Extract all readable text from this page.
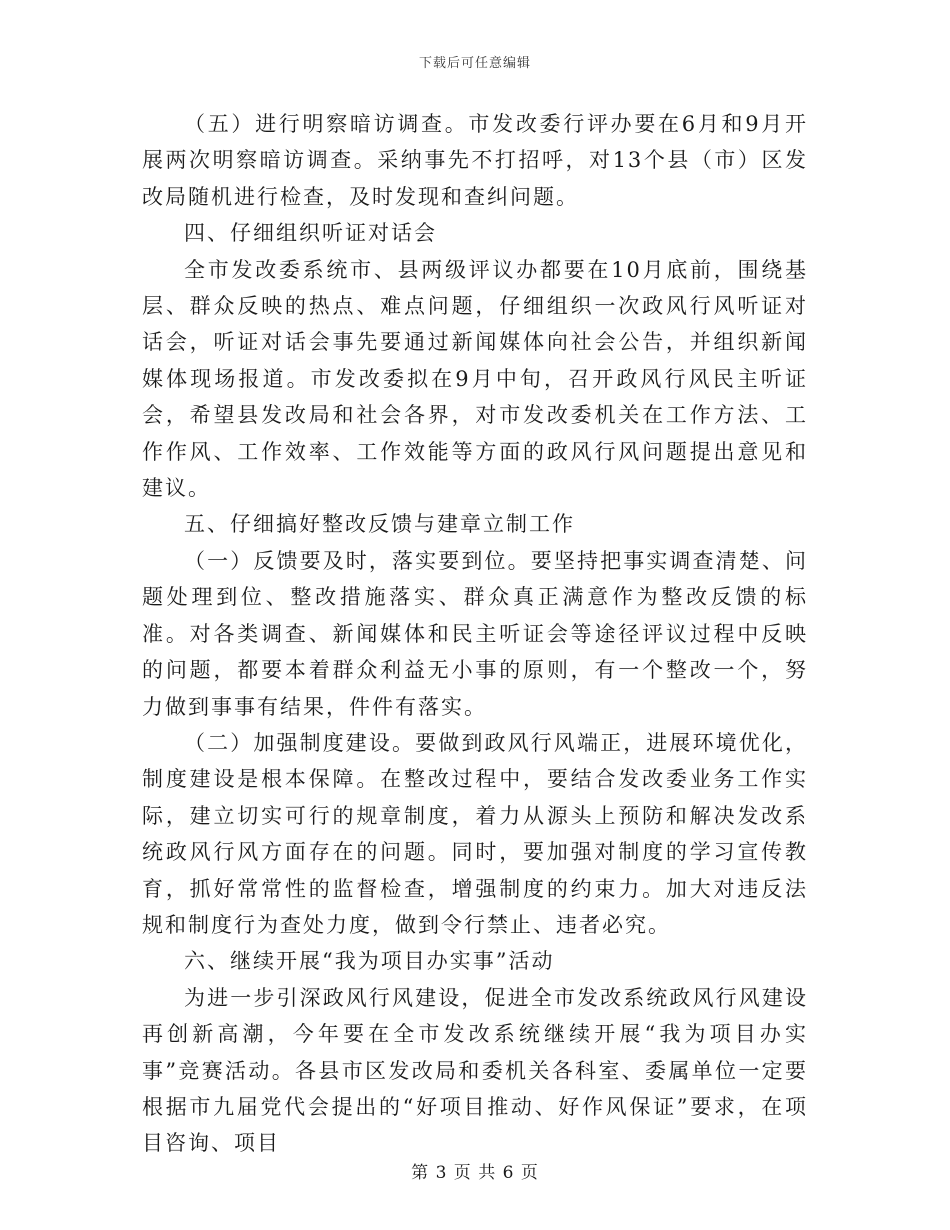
下载后可任意编辑

（五）进行明察暗访调查。市发改委行评办要在6月和9月开展两次明察暗访调查。采纳事先不打招呼，对13个县（市）区发改局随机进行检查，及时发现和查纠问题。

四、仔细组织听证对话会

全市发改委系统市、县两级评议办都要在10月底前，围绕基层、群众反映的热点、难点问题，仔细组织一次政风行风听证对话会，听证对话会事先要通过新闻媒体向社会公告，并组织新闻媒体现场报道。市发改委拟在9月中旬，召开政风行风民主听证会，希望县发改局和社会各界，对市发改委机关在工作方法、工作作风、工作效率、工作效能等方面的政风行风问题提出意见和建议。

五、仔细搞好整改反馈与建章立制工作

（一）反馈要及时，落实要到位。要坚持把事实调查清楚、问题处理到位、整改措施落实、群众真正满意作为整改反馈的标准。对各类调查、新闻媒体和民主听证会等途径评议过程中反映的问题，都要本着群众利益无小事的原则，有一个整改一个，努力做到事事有结果，件件有落实。

（二）加强制度建设。要做到政风行风端正，进展环境优化，制度建设是根本保障。在整改过程中，要结合发改委业务工作实际，建立切实可行的规章制度，着力从源头上预防和解决发改系统政风行风方面存在的问题。同时，要加强对制度的学习宣传教育，抓好常常性的监督检查，增强制度的约束力。加大对违反法规和制度行为查处力度，做到令行禁止、违者必究。

六、继续开展“我为项目办实事”活动

为进一步引深政风行风建设，促进全市发改系统政风行风建设再创新高潮，今年要在全市发改系统继续开展“我为项目办实事”竞赛活动。各县市区发改局和委机关各科室、委属单位一定要根据市九届党代会提出的“好项目推动、好作风保证”要求，在项目咨询、项目

第 3 页 共 6 页
